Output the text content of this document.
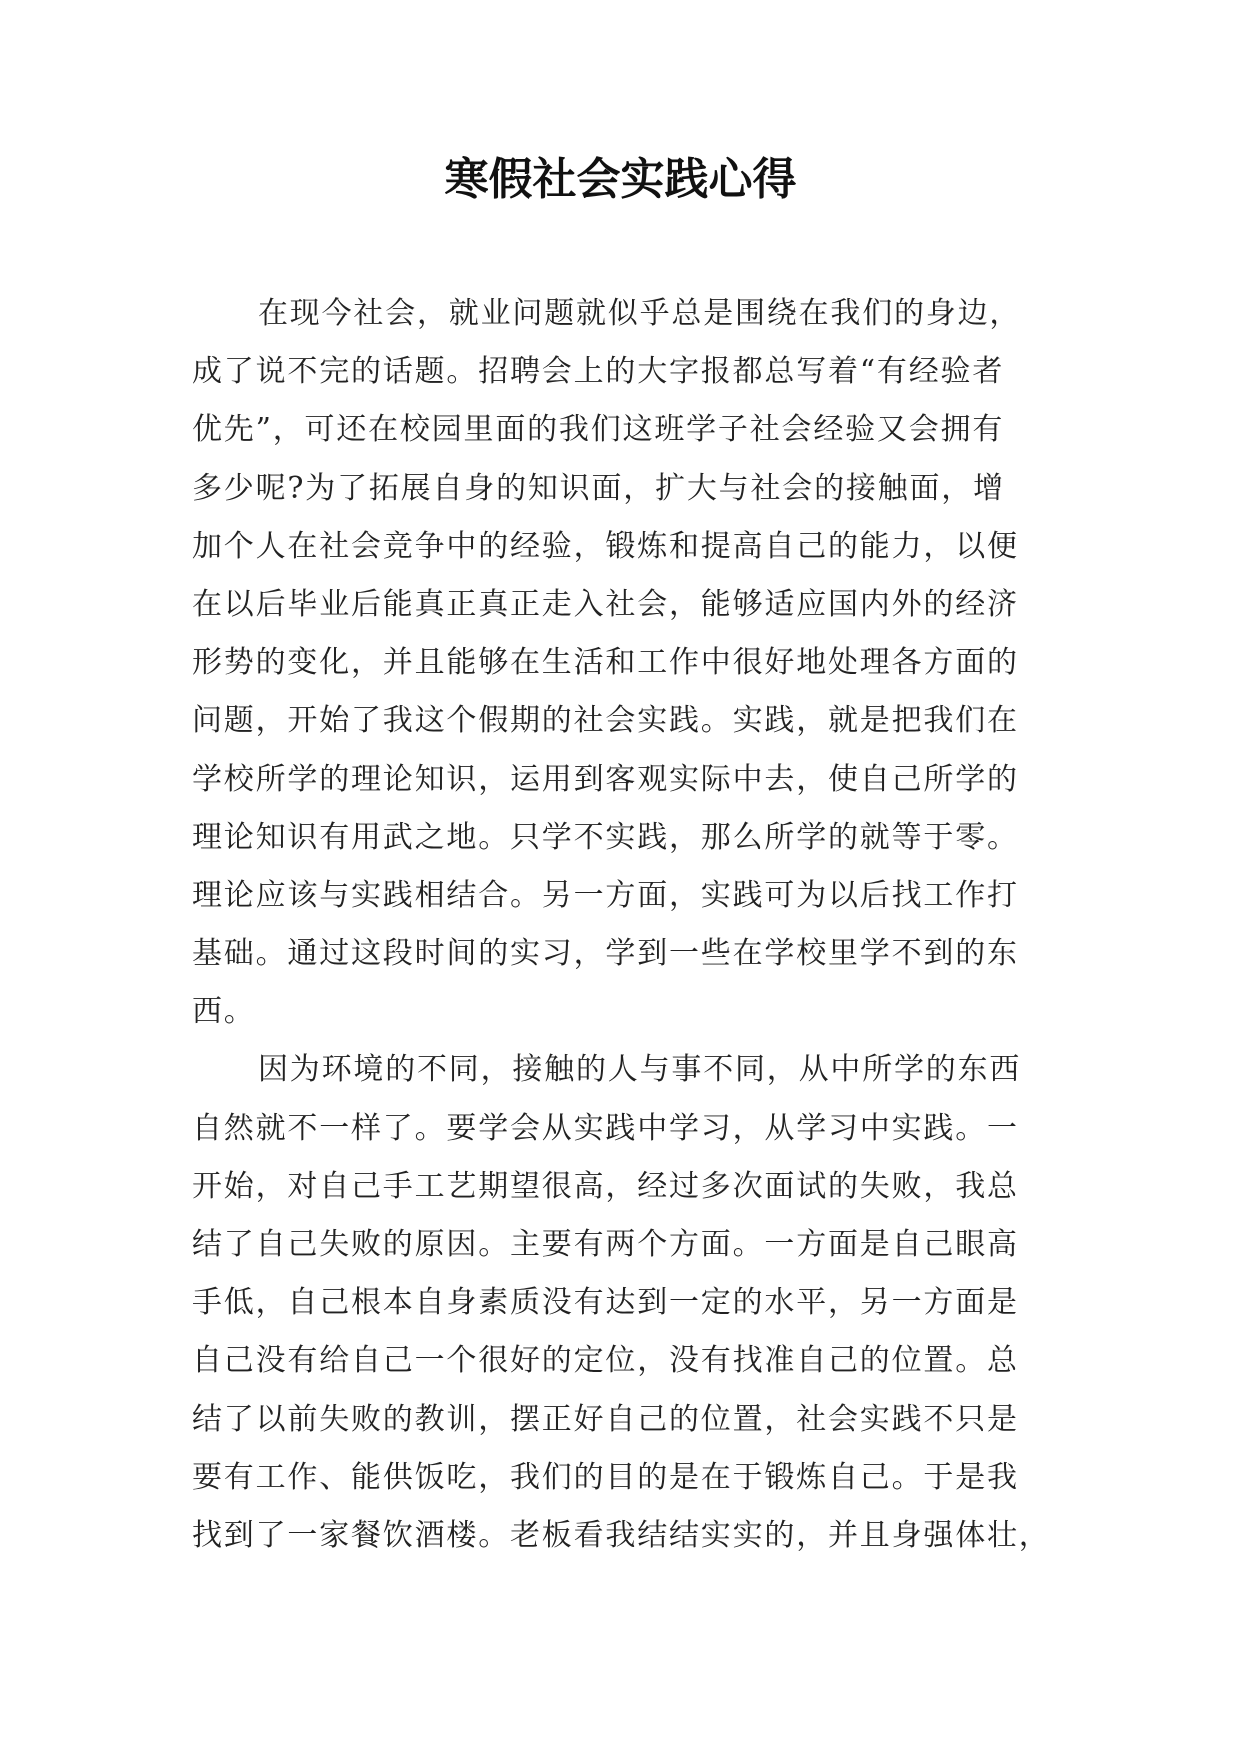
寒假社会实践心得
在现今社会，就业问题就似乎总是围绕在我们的身边，
成了说不完的话题。招聘会上的大字报都总写着“有经验者
优先”，可还在校园里面的我们这班学子社会经验又会拥有
多少呢?为了拓展自身的知识面，扩大与社会的接触面，增
加个人在社会竞争中的经验，锻炼和提高自己的能力，以便
在以后毕业后能真正真正走入社会，能够适应国内外的经济
形势的变化，并且能够在生活和工作中很好地处理各方面的
问题，开始了我这个假期的社会实践。实践，就是把我们在
学校所学的理论知识，运用到客观实际中去，使自己所学的
理论知识有用武之地。只学不实践，那么所学的就等于零。
理论应该与实践相结合。另一方面，实践可为以后找工作打
基础。通过这段时间的实习，学到一些在学校里学不到的东
西。
因为环境的不同，接触的人与事不同，从中所学的东西
自然就不一样了。要学会从实践中学习，从学习中实践。一
开始，对自己手工艺期望很高，经过多次面试的失败，我总
结了自己失败的原因。主要有两个方面。一方面是自己眼高
手低，自己根本自身素质没有达到一定的水平，另一方面是
自己没有给自己一个很好的定位，没有找准自己的位置。总
结了以前失败的教训，摆正好自己的位置，社会实践不只是
要有工作、能供饭吃，我们的目的是在于锻炼自己。于是我
找到了一家餐饮酒楼。老板看我结结实实的，并且身强体壮，
